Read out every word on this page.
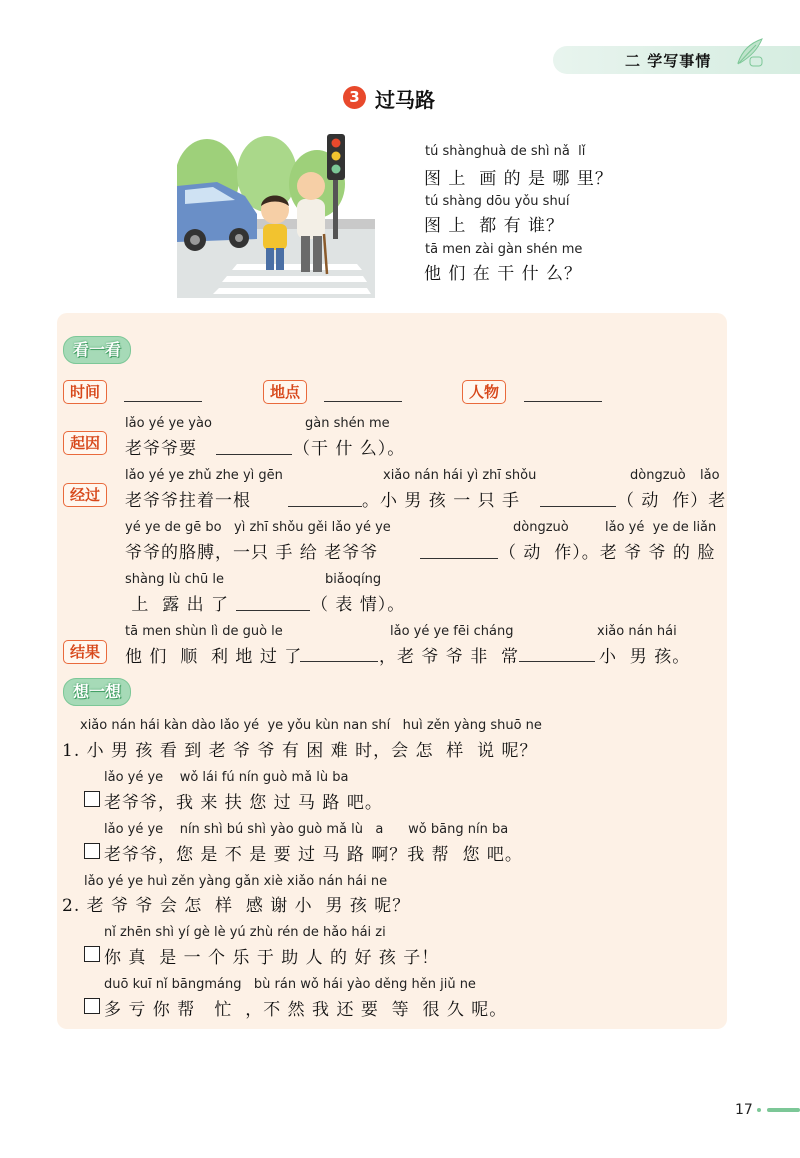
二 学写事情
3 过马路
tú shànghuà de shì nǎ  lǐ
图 上  画 的 是 哪 里？
tú shàng dōu yǒu shuí
图 上  都 有 谁？
tā men zài gàn shén me
他 们 在 干 什 么？
看一看
时间	地点	人物
起因
lǎo yé ye yào	gàn shén me
老爷爷要	（干 什 么）。
经过
lǎo yé ye zhǔ zhe yì gēn	xiǎo nán hái yì zhī shǒu	dòngzuò lǎo
老爷爷拄着一根	。小 男 孩 一 只 手	（ 动  作）老
yé ye de gē bo   yì zhī shǒu gěi lǎo yé ye	dòngzuò	lǎo yé  ye de liǎn
爷爷的胳膊，一只 手 给 老爷爷	（ 动  作）。老 爷 爷 的 脸
shàng lù chū le	biǎoqíng
上  露 出 了	（ 表 情）。
结果
tā men shùn lì de guò le	lǎo yé ye fēi cháng	xiǎo nán hái
他 们  顺  利 地 过 了	，老 爷 爷 非  常	小  男 孩。
想一想
xiǎo nán hái kàn dào lǎo yé  ye yǒu kùn nan shí   huì zěn yàng shuō ne
1. 小 男 孩 看 到 老 爷 爷 有 困 难 时，会 怎  样  说 呢？
lǎo yé ye    wǒ lái fú nín guò mǎ lù ba
老爷爷，我 来 扶 您 过 马 路 吧。
lǎo yé ye    nín shì bú shì yào guò mǎ lù   a      wǒ bāng nín ba
老爷爷，您 是 不 是 要 过 马 路 啊？我 帮  您 吧。
lǎo yé ye huì zěn yàng gǎn xiè xiǎo nán hái ne
2. 老 爷 爷 会 怎  样  感 谢 小  男 孩 呢？
nǐ zhēn shì yí gè lè yú zhù rén de hǎo hái zi
你 真  是 一 个 乐 于 助 人 的 好 孩 子！
duō kuī nǐ bāngmáng   bù rán wǒ hái yào děng hěn jiǔ ne
多 亏 你 帮   忙  ，不 然 我 还 要  等  很 久 呢。
17
